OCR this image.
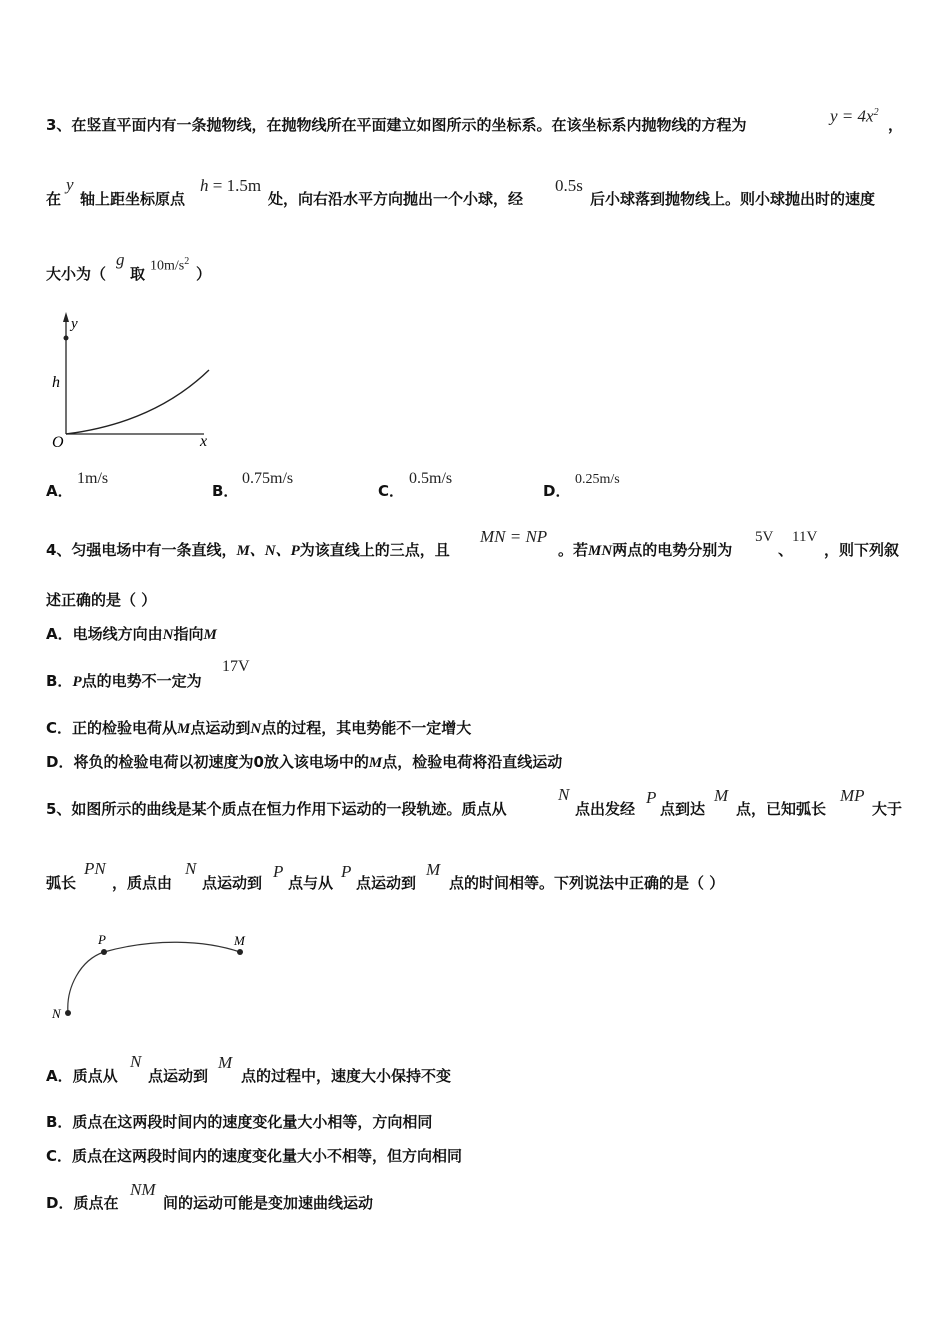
3、在竖直平面内有一条抛物线，在抛物线所在平面建立如图所示的坐标系。在该坐标系内抛物线的方程为	$y = 4x^2$
，
在
y
轴上距坐标原点
h = 1.5m
处，向右沿水平方向抛出一个小球，经
0.5s
后小球落到抛物线上。则小球抛出时的速度
大小为（
g
取 $10m/s^2$
）
y
h
O	x
A．
1m/s
B．
0.75m/s
C．
0.5m/s
D．
0.25m/s
4、匀强电场中有一条直线，M、N、P为该直线上的三点，且
MN = NP
。若MN两点的电势分别为
5V
、
11V
，则下列叙
述正确的是（ ）
A．电场线方向由N指向M
B．P点的电势不一定为
17V
C．正的检验电荷从M点运动到N点的过程，其电势能不一定增大
D．将负的检验电荷以初速度为0放入该电场中的M点，检验电荷将沿直线运动
5、如图所示的曲线是某个质点在恒力作用下运动的一段轨迹。质点从
N
点出发经
P
点到达
M
点，已知弧长
MP
大于
弧长
PN
，质点由
N
点运动到
P
点与从
P
点运动到
M
点的时间相等。下列说法中正确的是（ ）
P	M
N
A．质点从
N
点运动到
M
点的过程中，速度大小保持不变
B．质点在这两段时间内的速度变化量大小相等，方向相同
C．质点在这两段时间内的速度变化量大小不相等，但方向相同
D．质点在
NM
间的运动可能是变加速曲线运动
